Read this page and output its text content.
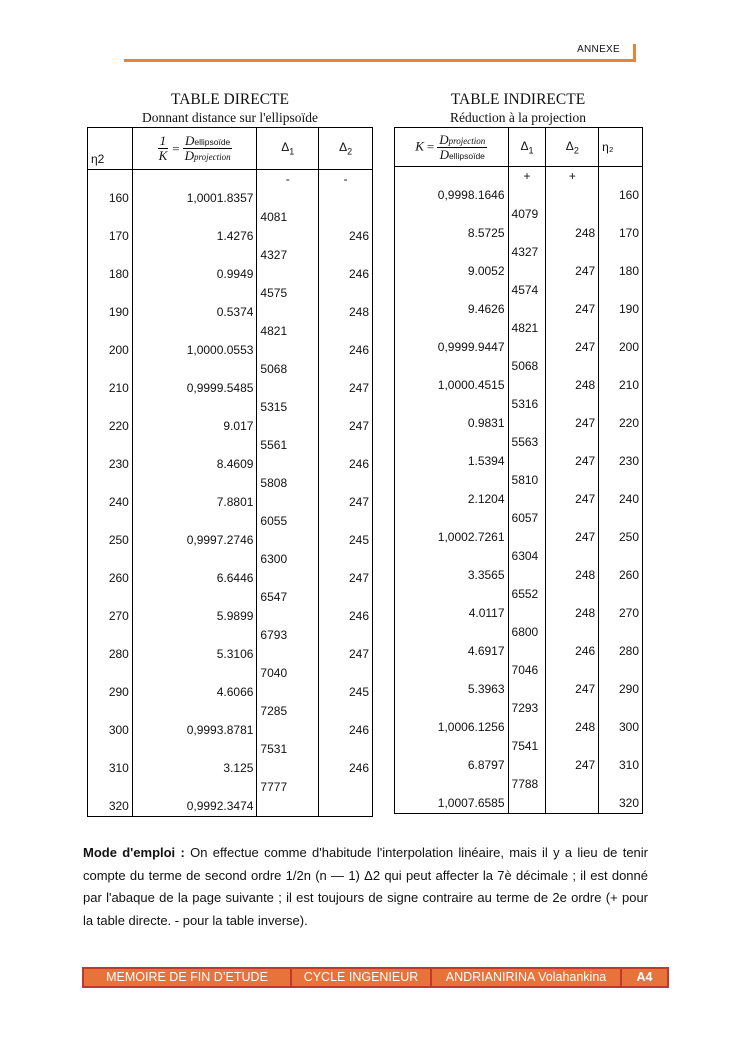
ANNEXE
TABLE DIRECTE
Donnant distance sur l'ellipsoïde
TABLE INDIRECTE
Réduction à la projection
η2	$\frac{1}{K} = \frac{\text{Dellipsoïde}}{\text{Dprojection}}$	$\Delta_1$	$\Delta_2$
		-	-
160	1,0001.8357		
		4081	
170	1.4276		246
		4327	
180	0.9949		246
		4575	
190	0.5374		248
		4821	
200	1,0000.0553		246
		5068	
210	0,9999.5485		247
		5315	
220	9.017		247
		5561	
230	8.4609		246
		5808	
240	7.8801		247
		6055	
250	0,9997.2746		245
		6300	
260	6.6446		247
		6547	
270	5.9899		246
		6793	
280	5.3106		247
		7040	
290	4.6066		245
		7285	
300	0,9993.8781		246
		7531	
310	3.125		246
		7777	
320	0,9992.3474		
$K = \frac{\text{Dprojection}}{\text{Dellipsoïde}}$	$\Delta_1$	$\Delta_2$	η₂
	+	+	
0,9998.1646			160
	4079		
8.5725		248	170
	4327		
9.0052		247	180
	4574		
9.4626		247	190
	4821		
0,9999.9447		247	200
	5068		
1,0000.4515		248	210
	5316		
0.9831		247	220
	5563		
1.5394		247	230
	5810		
2.1204		247	240
	6057		
1,0002.7261		247	250
	6304		
3.3565		248	260
	6552		
4.0117		248	270
	6800		
4.6917		246	280
	7046		
5.3963		247	290
	7293		
1,0006.1256		248	300
	7541		
6.8797		247	310
	7788		
1,0007.6585			320
Mode d'emploi : On effectue comme d'habitude l'interpolation linéaire, mais il y a lieu de tenir compte du terme de second ordre 1/2n (n — 1) Δ2 qui peut affecter la 7è décimale ; il est donné par l'abaque de la page suivante ; il est toujours de signe contraire au terme de 2e ordre (+ pour la table directe. - pour la table inverse).
MEMOIRE DE FIN D’ETUDE	CYCLE INGENIEUR	ANDRIANIRINA Volahankina	A4
